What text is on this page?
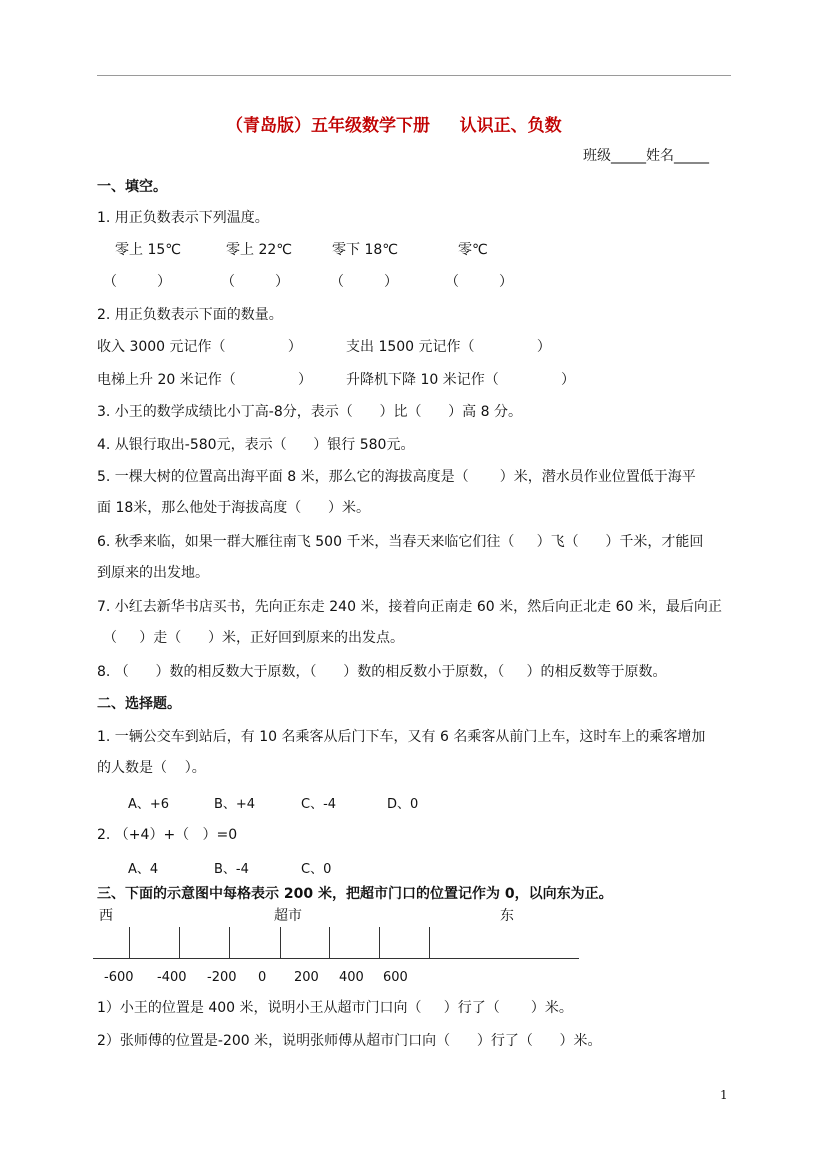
（青岛版）五年级数学下册     认识正、负数
班级_____姓名_____
一、填空。
1. 用正负数表示下列温度。
零上 15℃	零上 22℃	零下 18℃	零℃
（         ）	（         ）	（         ）	（         ）
2. 用正负数表示下面的数量。
收入 3000 元记作（              ）	支出 1500 元记作（              ）
电梯上升 20 米记作（              ） 升降机下降 10 米记作（              ）
3. 小王的数学成绩比小丁高-8分，表示（      ）比（      ）高 8 分。
4. 从银行取出-580元，表示（      ）银行 580元。
5. 一棵大树的位置高出海平面 8 米，那么它的海拔高度是（       ）米，潜水员作业位置低于海平
面 18米，那么他处于海拔高度（      ）米。
6. 秋季来临，如果一群大雁往南飞 500 千米，当春天来临它们往（     ）飞（      ）千米，才能回
到原来的出发地。
7. 小红去新华书店买书，先向正东走 240 米，接着向正南走 60 米，然后向正北走 60 米，最后向正
（     ）走（      ）米，正好回到原来的出发点。
8. （      ）数的相反数大于原数，（      ）数的相反数小于原数，（     ）的相反数等于原数。
二、选择题。
1. 一辆公交车到站后，有 10 名乘客从后门下车，又有 6 名乘客从前门上车，这时车上的乘客增加
的人数是（    ）。
A、+6	B、+4	C、-4	D、0
2. （+4）+（   ）=0
A、4	B、-4	C、0
三、下面的示意图中每格表示 200 米，把超市门口的位置记作为 0，以向东为正。
西	超市	东
-600 -400 -200 0 200 400 600
1）小王的位置是 400 米，说明小王从超市门口向（     ）行了（       ）米。
2）张师傅的位置是-200 米，说明张师傅从超市门口向（      ）行了（      ）米。
1
